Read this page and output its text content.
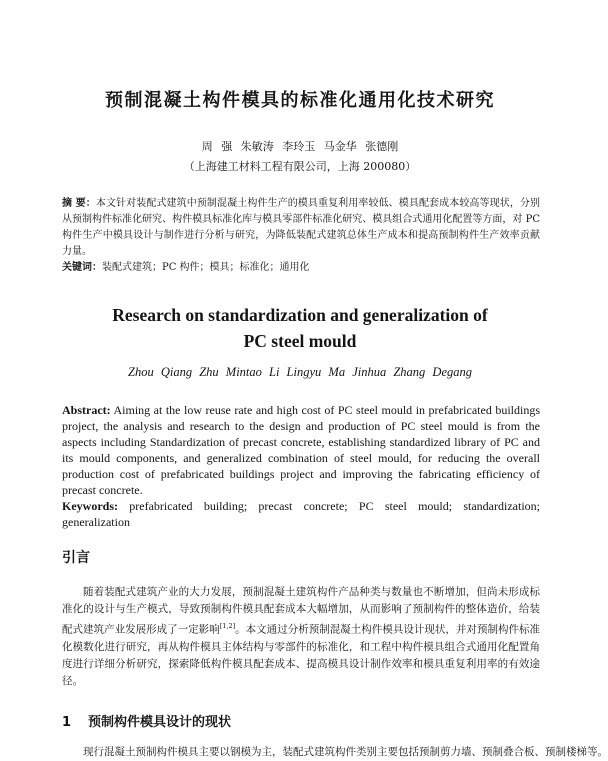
预制混凝土构件模具的标准化通用化技术研究
周 强 朱敏涛 李玲玉 马金华 张德刚
（上海建工材料工程有限公司，上海 200080）

摘 要：本文针对装配式建筑中预制混凝土构件生产的模具重复利用率较低、模具配套成本较高等现状，分别从预制构件标准化研究、构件模具标准化库与模具零部件标准化研究、模具组合式通用化配置等方面，对 PC 构件生产中模具设计与制作进行分析与研究，为降低装配式建筑总体生产成本和提高预制构件生产效率贡献力量。

关键词：装配式建筑；PC 构件；模具；标准化；通用化

Research on standardization and generalization of
PC steel mould
Zhou Qiang Zhu Mintao Li Lingyu Ma Jinhua Zhang Degang

Abstract: Aiming at the low reuse rate and high cost of PC steel mould in prefabricated buildings project, the analysis and research to the design and production of PC steel mould is from the aspects including Standardization of precast concrete, establishing standardized library of PC and its mould components, and generalized combination of steel mould, for reducing the overall production cost of prefabricated buildings project and improving the fabricating efficiency of precast concrete.

Keywords: prefabricated building; precast concrete; PC steel mould; standardization; generalization

引言

随着装配式建筑产业的大力发展，预制混凝土建筑构件产品种类与数量也不断增加，但尚未形成标准化的设计与生产模式，导致预制构件模具配套成本大幅增加，从而影响了预制构件的整体造价，给装配式建筑产业发展形成了一定影响[1,2]。本文通过分析预制混凝土构件模具设计现状，并对预制构件标准化模数化进行研究，再从构件模具主体结构与零部件的标准化，和工程中构件模具组合式通用化配置角度进行详细分析研究，探索降低构件模具配套成本、提高模具设计制作效率和模具重复利用率的有效途径。

1 预制构件模具设计的现状
现行混凝土预制构件模具主要以钢模为主，装配式建筑构件类别主要包括预制剪力墙、预制叠合板、预制楼梯等。
